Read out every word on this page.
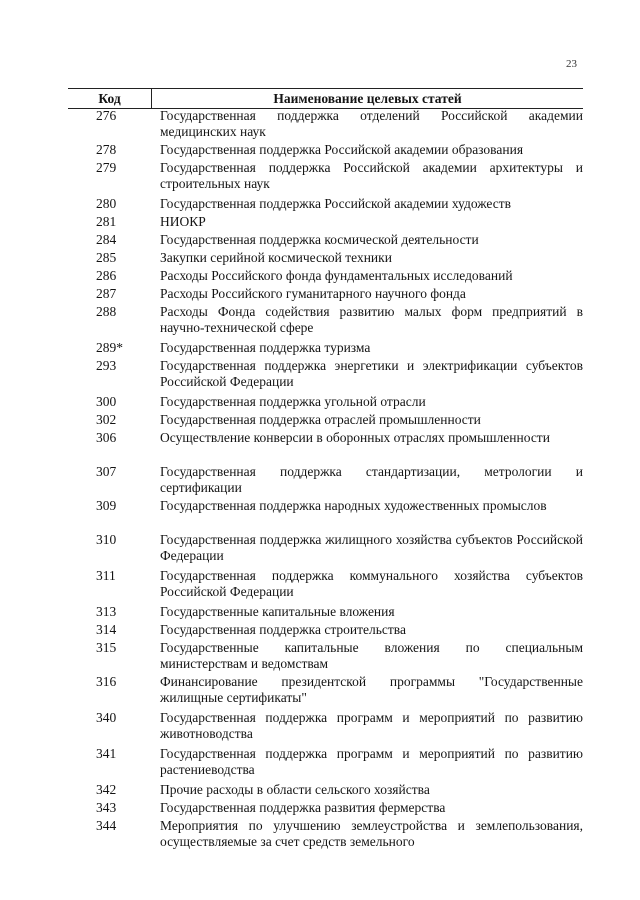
23
Код	Наименование целевых статей
276	Государственная поддержка отделений Российской академии медицинских наук
278	Государственная поддержка Российской академии образования
279	Государственная поддержка Российской академии архитектуры и строительных наук
280	Государственная поддержка Российской академии художеств
281	НИОКР
284	Государственная поддержка космической деятельности
285	Закупки серийной космической техники
286	Расходы Российского фонда фундаментальных исследований
287	Расходы Российского гуманитарного научного фонда
288	Расходы Фонда содействия развитию малых форм предприятий в научно-технической сфере
289*	Государственная поддержка туризма
293	Государственная поддержка энергетики и электрификации субъектов Российской Федерации
300	Государственная поддержка угольной отрасли
302	Государственная поддержка отраслей промышленности
306	Осуществление конверсии в оборонных отраслях промышленности
307	Государственная поддержка стандартизации, метрологии и сертификации
309	Государственная поддержка народных художественных промыслов
310	Государственная поддержка жилищного хозяйства субъектов Российской Федерации
311	Государственная поддержка коммунального хозяйства субъектов Российской Федерации
313	Государственные капитальные вложения
314	Государственная поддержка строительства
315	Государственные капитальные вложения по специальным министерствам и ведомствам
316	Финансирование президентской программы "Государственные жилищные сертификаты"
340	Государственная поддержка программ и мероприятий по развитию животноводства
341	Государственная поддержка программ и мероприятий по развитию растениеводства
342	Прочие расходы в области сельского хозяйства
343	Государственная поддержка развития фермерства
344	Мероприятия по улучшению землеустройства и землепользования, осуществляемые за счет средств земельного
